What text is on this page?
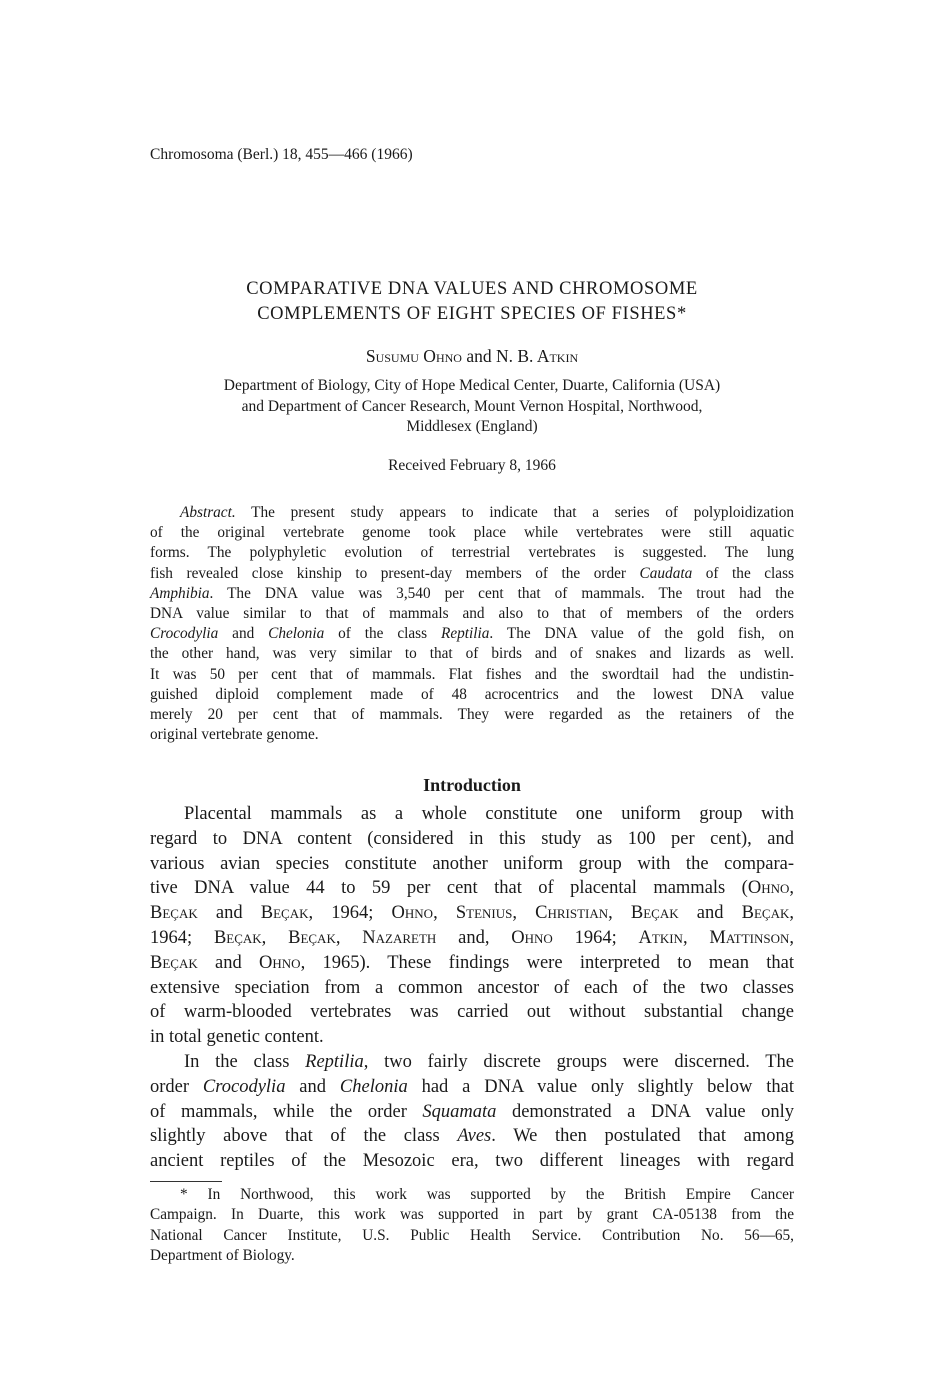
Chromosoma (Berl.) 18, 455—466 (1966)
COMPARATIVE DNA VALUES AND CHROMOSOME
COMPLEMENTS OF EIGHT SPECIES OF FISHES*
Susumu Ohno and N. B. Atkin
Department of Biology, City of Hope Medical Center, Duarte, California (USA)
and Department of Cancer Research, Mount Vernon Hospital, Northwood,
Middlesex (England)
Received February 8, 1966
Abstract. The present study appears to indicate that a series of polyploidization
of the original vertebrate genome took place while vertebrates were still aquatic
forms. The polyphyletic evolution of terrestrial vertebrates is suggested. The lung
fish revealed close kinship to present-day members of the order Caudata of the class
Amphibia. The DNA value was 3,540 per cent that of mammals. The trout had the
DNA value similar to that of mammals and also to that of members of the orders
Crocodylia and Chelonia of the class Reptilia. The DNA value of the gold fish, on
the other hand, was very similar to that of birds and of snakes and lizards as well.
It was 50 per cent that of mammals. Flat fishes and the swordtail had the undistin-
guished diploid complement made of 48 acrocentrics and the lowest DNA value
merely 20 per cent that of mammals. They were regarded as the retainers of the
original vertebrate genome.
Introduction
Placental mammals as a whole constitute one uniform group with
regard to DNA content (considered in this study as 100 per cent), and
various avian species constitute another uniform group with the compara-
tive DNA value 44 to 59 per cent that of placental mammals (Ohno,
Beçak and Beçak, 1964; Ohno, Stenius, Christian, Beçak and Beçak,
1964; Beçak, Beçak, Nazareth and, Ohno 1964; Atkin, Mattinson,
Beçak and Ohno, 1965). These findings were interpreted to mean that
extensive speciation from a common ancestor of each of the two classes
of warm-blooded vertebrates was carried out without substantial change
in total genetic content.
In the class Reptilia, two fairly discrete groups were discerned. The
order Crocodylia and Chelonia had a DNA value only slightly below that
of mammals, while the order Squamata demonstrated a DNA value only
slightly above that of the class Aves. We then postulated that among
ancient reptiles of the Mesozoic era, two different lineages with regard
* In Northwood, this work was supported by the British Empire Cancer
Campaign. In Duarte, this work was supported in part by grant CA-05138 from the
National Cancer Institute, U.S. Public Health Service. Contribution No. 56—65,
Department of Biology.
